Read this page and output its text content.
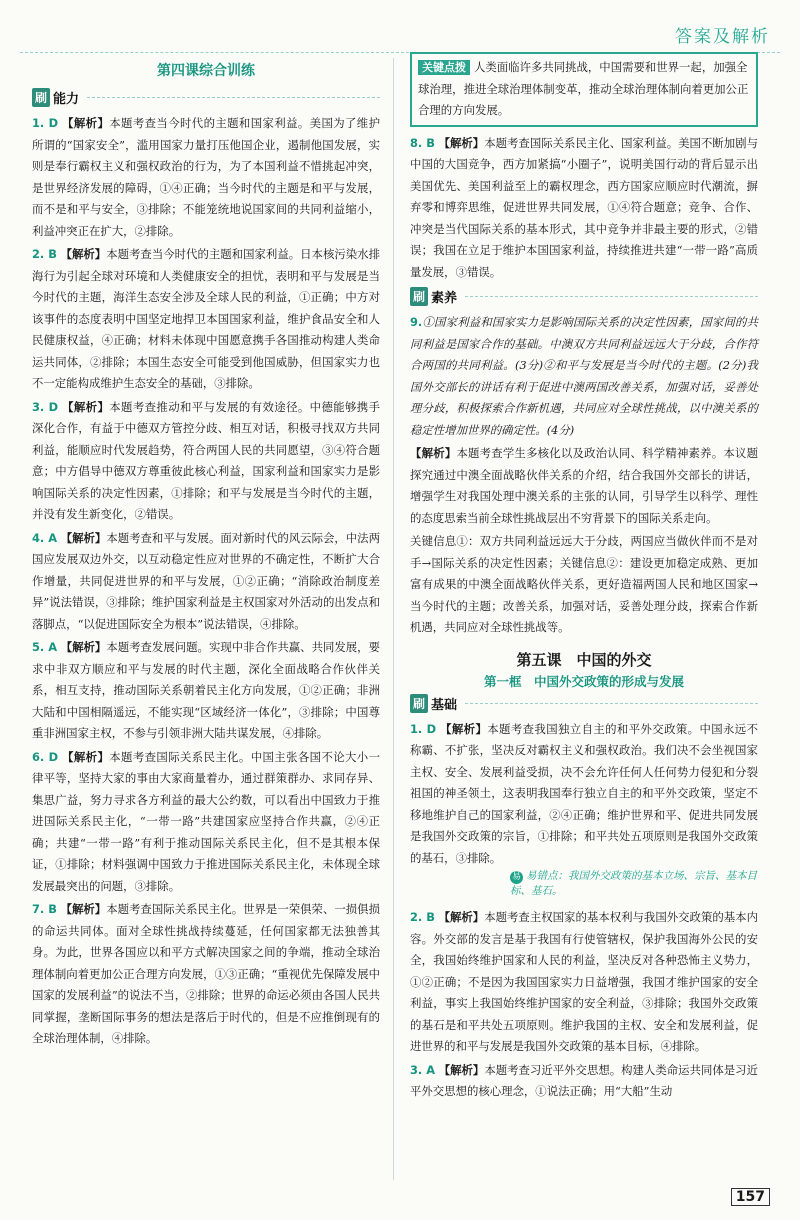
答案及解析
第四课综合训练
刷 能力
1. D 【解析】本题考查当今时代的主题和国家利益。美国为了维护所谓的“国家安全”，滥用国家力量打压他国企业，遏制他国发展，实则是奉行霸权主义和强权政治的行为，为了本国利益不惜挑起冲突，是世界经济发展的障碍，①④正确；当今时代的主题是和平与发展，而不是和平与安全，③排除；不能笼统地说国家间的共同利益缩小，利益冲突正在扩大，②排除。
2. B 【解析】本题考查当今时代的主题和国家利益。日本核污染水排海行为引起全球对环境和人类健康安全的担忧，表明和平与发展是当今时代的主题，海洋生态安全涉及全球人民的利益，①正确；中方对该事件的态度表明中国坚定地捍卫本国国家利益，维护食品安全和人民健康权益，④正确；材料未体现中国愿意携手各国推动构建人类命运共同体，②排除；本国生态安全可能受到他国威胁，但国家实力也不一定能构成维护生态安全的基础，③排除。
3. D 【解析】本题考查推动和平与发展的有效途径。中德能够携手深化合作，有益于中德双方管控分歧、相互对话，积极寻找双方共同利益，能顺应时代发展趋势，符合两国人民的共同愿望，③④符合题意；中方倡导中德双方尊重彼此核心利益，国家利益和国家实力是影响国际关系的决定性因素，①排除；和平与发展是当今时代的主题，并没有发生新变化，②错误。
4. A 【解析】本题考查和平与发展。面对新时代的风云际会，中法两国应发展双边外交，以互动稳定性应对世界的不确定性，不断扩大合作增量，共同促进世界的和平与发展，①②正确；“消除政治制度差异”说法错误，③排除；维护国家利益是主权国家对外活动的出发点和落脚点，“以促进国际安全为根本”说法错误，④排除。
5. A 【解析】本题考查发展问题。实现中非合作共赢、共同发展，要求中非双方顺应和平与发展的时代主题，深化全面战略合作伙伴关系，相互支持，推动国际关系朝着民主化方向发展，①②正确；非洲大陆和中国相隔遥远，不能实现“区域经济一体化”，③排除；中国尊重非洲国家主权，不参与引领非洲大陆共谋发展，④排除。
6. D 【解析】本题考查国际关系民主化。中国主张各国不论大小一律平等，坚持大家的事由大家商量着办，通过群策群办、求同存异、集思广益，努力寻求各方利益的最大公约数，可以看出中国致力于推进国际关系民主化，“一带一路”共建国家应坚持合作共赢，②④正确；共建“一带一路”有利于推动国际关系民主化，但不是其根本保证，①排除；材料强调中国致力于推进国际关系民主化，未体现全球发展最突出的问题，③排除。
7. B 【解析】本题考查国际关系民主化。世界是一荣俱荣、一损俱损的命运共同体。面对全球性挑战持续蔓延，任何国家都无法独善其身。为此，世界各国应以和平方式解决国家之间的争端，推动全球治理体制向着更加公正合理方向发展，①③正确；“重视优先保障发展中国家的发展利益”的说法不当，②排除；世界的命运必须由各国人民共同掌握，垄断国际事务的想法是落后于时代的，但是不应推倒现有的全球治理体制，④排除。
关键点拨 人类面临许多共同挑战，中国需要和世界一起，加强全球治理，推进全球治理体制变革，推动全球治理体制向着更加公正合理的方向发展。
8. B 【解析】本题考查国际关系民主化、国家利益。美国不断加剧与中国的大国竞争，西方加紧搞“小圈子”，说明美国行动的背后显示出美国优先、美国利益至上的霸权理念，西方国家应顺应时代潮流，摒弃零和博弈思维，促进世界共同发展，①④符合题意；竞争、合作、冲突是当代国际关系的基本形式，其中竞争并非最主要的形式，②错误；我国在立足于维护本国国家利益，持续推进共建“一带一路”高质量发展，③错误。
刷 素养
9.①国家利益和国家实力是影响国际关系的决定性因素，国家间的共同利益是国家合作的基础。中澳双方共同利益远远大于分歧，合作符合两国的共同利益。(3分)②和平与发展是当今时代的主题。(2分)我国外交部长的讲话有利于促进中澳两国改善关系，加强对话，妥善处理分歧，积极探索合作新机遇，共同应对全球性挑战，以中澳关系的稳定性增加世界的确定性。(4分)
【解析】本题考查学生多核化以及政治认同、科学精神素养。本议题探究通过中澳全面战略伙伴关系的介绍，结合我国外交部长的讲话，增强学生对我国处理中澳关系的主张的认同，引导学生以科学、理性的态度思索当前全球性挑战层出不穷背景下的国际关系走向。
关键信息①：双方共同利益远远大于分歧，两国应当做伙伴而不是对手→国际关系的决定性因素；关键信息②：建设更加稳定成熟、更加富有成果的中澳全面战略伙伴关系，更好造福两国人民和地区国家→当今时代的主题；改善关系，加强对话，妥善处理分歧，探索合作新机遇，共同应对全球性挑战等。
第五课　中国的外交
第一框　中国外交政策的形成与发展
刷 基础
1. D 【解析】本题考查我国独立自主的和平外交政策。中国永远不称霸、不扩张，坚决反对霸权主义和强权政治。我们决不会坐视国家主权、安全、发展利益受损，决不会允许任何人任何势力侵犯和分裂祖国的神圣领土，这表明我国奉行独立自主的和平外交政策，坚定不移地维护自己的国家利益，②④正确；维护世界和平、促进共同发展是我国外交政策的宗旨，①排除；和平共处五项原则是我国外交政策的基石，③排除。
易 易错点：我国外交政策的基本立场、宗旨、基本目标、基石。
2. B 【解析】本题考查主权国家的基本权利与我国外交政策的基本内容。外交部的发言是基于我国有行使管辖权，保护我国海外公民的安全，我国始终维护国家和人民的利益，坚决反对各种恐怖主义势力，①②正确；不是因为我国国家实力日益增强，我国才维护国家的安全利益，事实上我国始终维护国家的安全利益，③排除；我国外交政策的基石是和平共处五项原则。维护我国的主权、安全和发展利益，促进世界的和平与发展是我国外交政策的基本目标，④排除。
3. A 【解析】本题考查习近平外交思想。构建人类命运共同体是习近平外交思想的核心理念，①说法正确；用“大船”生动
157
